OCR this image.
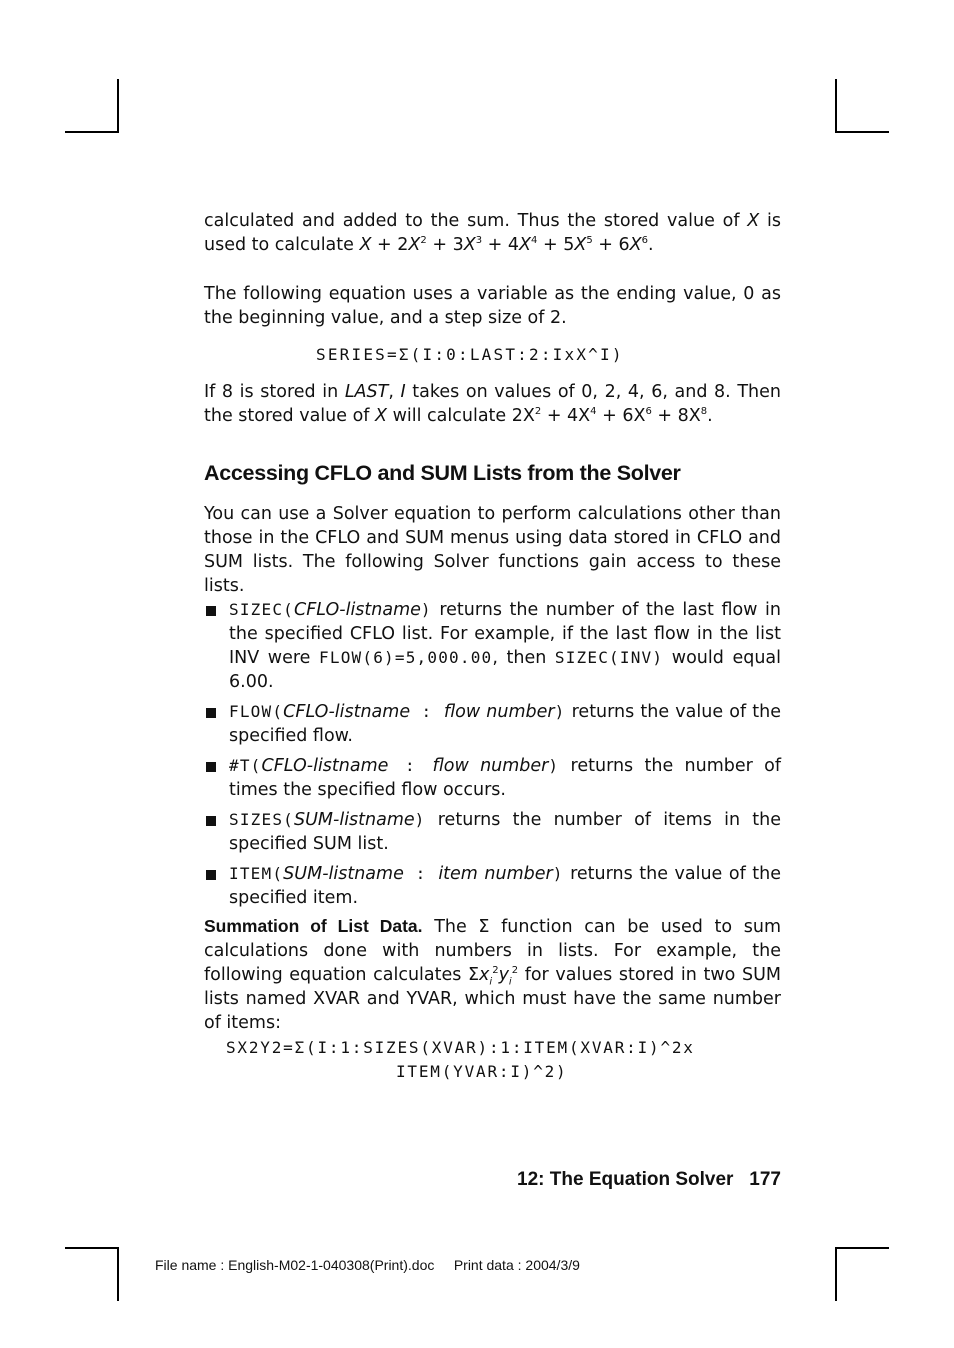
calculated and added to the sum. Thus the stored value of X is used to calculate $X + 2X^2 + 3X^3 + 4X^4 + 5X^5 + 6X^6$.

The following equation uses a variable as the ending value, 0 as the beginning value, and a step size of 2.

SERIES=Σ(I:0:LAST:2:IxX^I)

If 8 is stored in LAST, I takes on values of 0, 2, 4, 6, and 8. Then the stored value of X will calculate $2X^2 + 4X^4 + 6X^6 + 8X^8$.

Accessing CFLO and SUM Lists from the Solver

You can use a Solver equation to perform calculations other than those in the CFLO and SUM menus using data stored in CFLO and SUM lists. The following Solver functions gain access to these lists.

SIZEC(CFLO-listname) returns the number of the last flow in the specified CFLO list. For example, if the last flow in the list INV were FLOW(6)=5,000.00, then SIZEC(INV) would equal 6.00.

FLOW(CFLO-listname : flow number) returns the value of the specified flow.

#T(CFLO-listname : flow number) returns the number of times the specified flow occurs.

SIZES(SUM-listname) returns the number of items in the specified SUM list.

ITEM(SUM-listname : item number) returns the value of the specified item.

Summation of List Data. The Σ function can be used to sum calculations done with numbers in lists. For example, the following equation calculates $\Sigma x_i^2y_i^2$ for values stored in two SUM lists named XVAR and YVAR, which must have the same number of items:

SX2Y2=Σ(I:1:SIZES(XVAR):1:ITEM(XVAR:I)^2x
ITEM(YVAR:I)^2)
12: The Equation Solver 177
File name : English-M02-1-040308(Print).doc Print data : 2004/3/9
